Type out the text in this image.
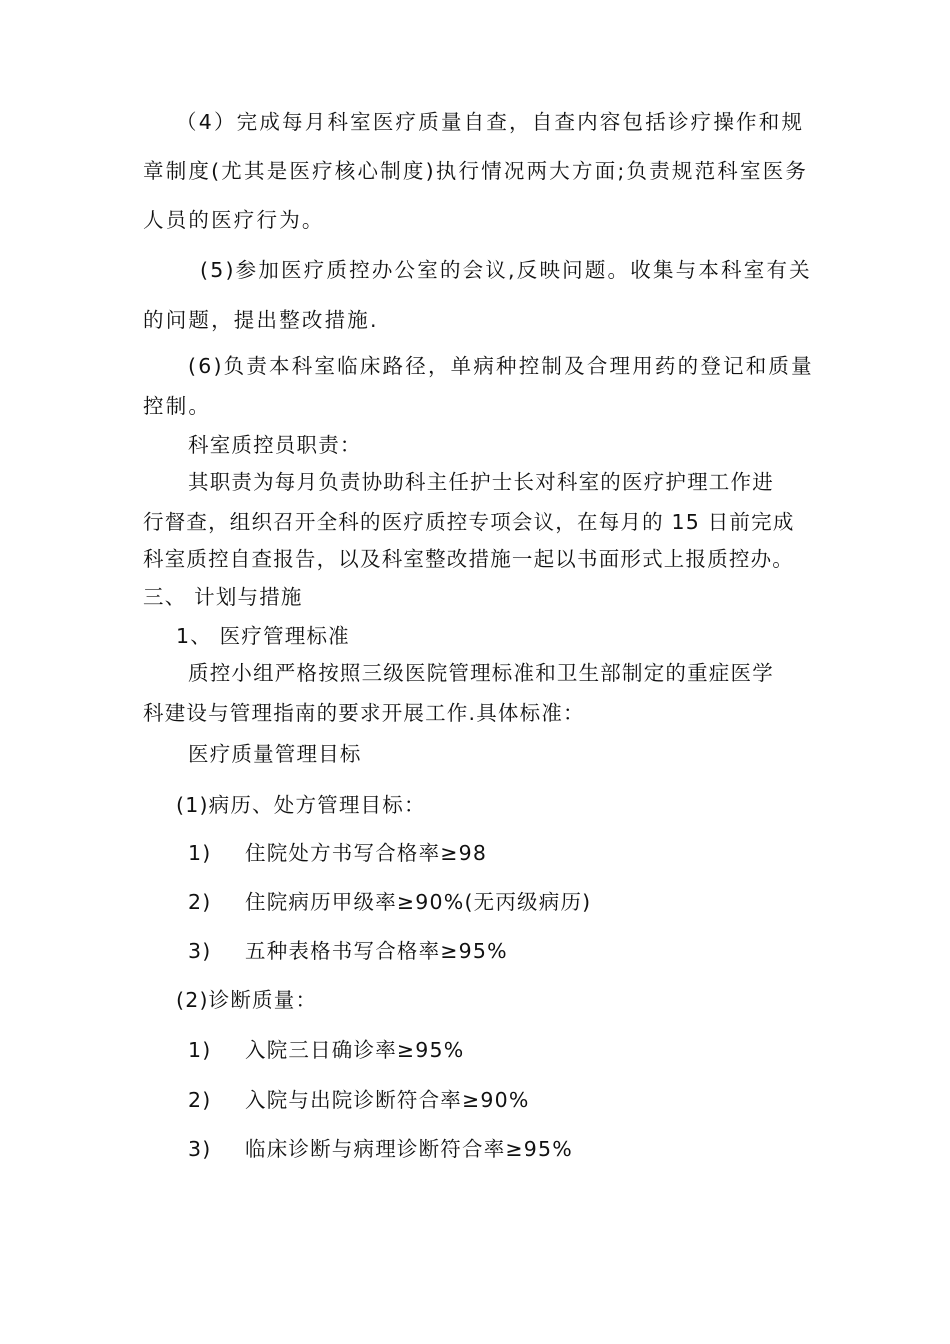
（4）完成每月科室医疗质量自查，自查内容包括诊疗操作和规
章制度(尤其是医疗核心制度)执行情况两大方面;负责规范科室医务
人员的医疗行为。
(5)参加医疗质控办公室的会议,反映问题。收集与本科室有关
的问题，提出整改措施.
(6)负责本科室临床路径，单病种控制及合理用药的登记和质量
控制。
科室质控员职责：
其职责为每月负责协助科主任护士长对科室的医疗护理工作进
行督查，组织召开全科的医疗质控专项会议，在每月的 15 日前完成
科室质控自查报告，以及科室整改措施一起以书面形式上报质控办。
三、 计划与措施
1、 医疗管理标准
质控小组严格按照三级医院管理标准和卫生部制定的重症医学
科建设与管理指南的要求开展工作.具体标准：
医疗质量管理目标
(1)病历、处方管理目标：
1) 住院处方书写合格率≥98
2) 住院病历甲级率≥90%(无丙级病历)
3) 五种表格书写合格率≥95%
(2)诊断质量：
1) 入院三日确诊率≥95%
2) 入院与出院诊断符合率≥90%
3) 临床诊断与病理诊断符合率≥95%
